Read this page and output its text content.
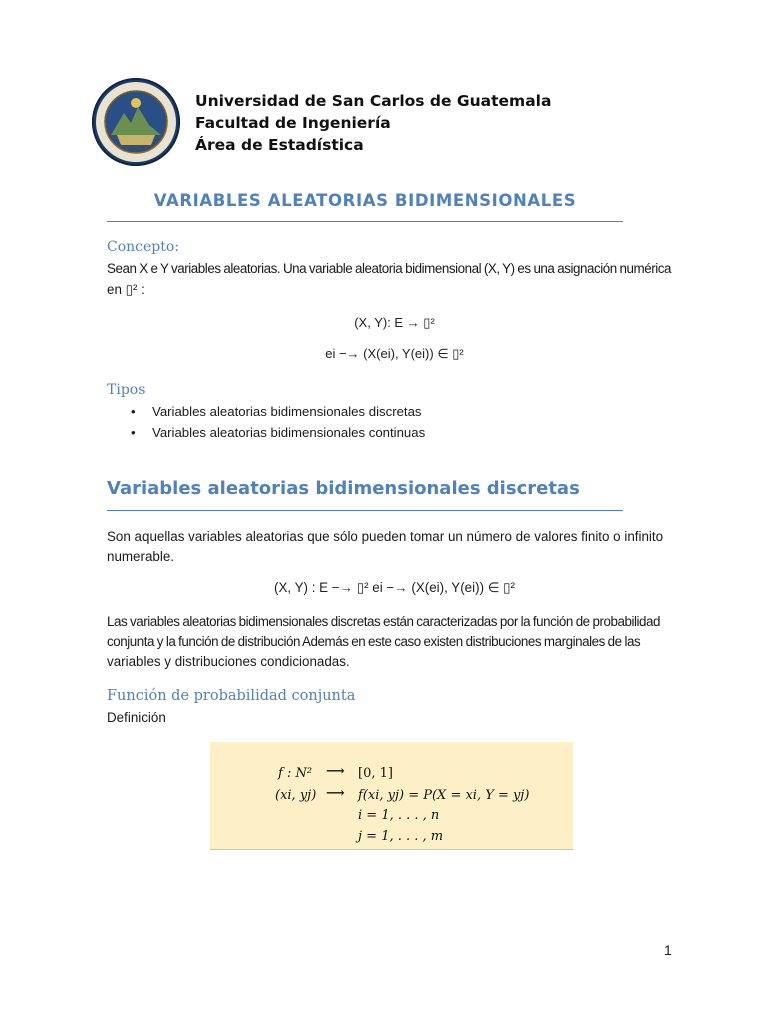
Universidad de San Carlos de Guatemala
Facultad de Ingeniería
Área de Estadística
VARIABLES ALEATORIAS BIDIMENSIONALES
Concepto:
Sean X e Y variables aleatorias. Una variable aleatoria bidimensional (X, Y) es una asignación numérica
en ▯² :
(X, Y): E → ▯²
ei −→ (X(ei), Y(ei)) ∈ ▯²
Tipos
• Variables aleatorias bidimensionales discretas
• Variables aleatorias bidimensionales continuas
Variables aleatorias bidimensionales discretas
Son aquellas variables aleatorias que sólo pueden tomar un número de valores finito o infinito
numerable.
(X, Y) : E −→ ▯² ei −→ (X(ei), Y(ei)) ∈ ▯²
Las variables aleatorias bidimensionales discretas están caracterizadas por la función de probabilidad
conjunta y la función de distribución Además en este caso existen distribuciones marginales de las
variables y distribuciones condicionadas.
Función de probabilidad conjunta
Definición
f : N² ⟶ [0, 1]
(xi, yj) ⟶ f(xi, yj) = P(X = xi, Y = yj)
i = 1, . . . , n
j = 1, . . . , m
1
